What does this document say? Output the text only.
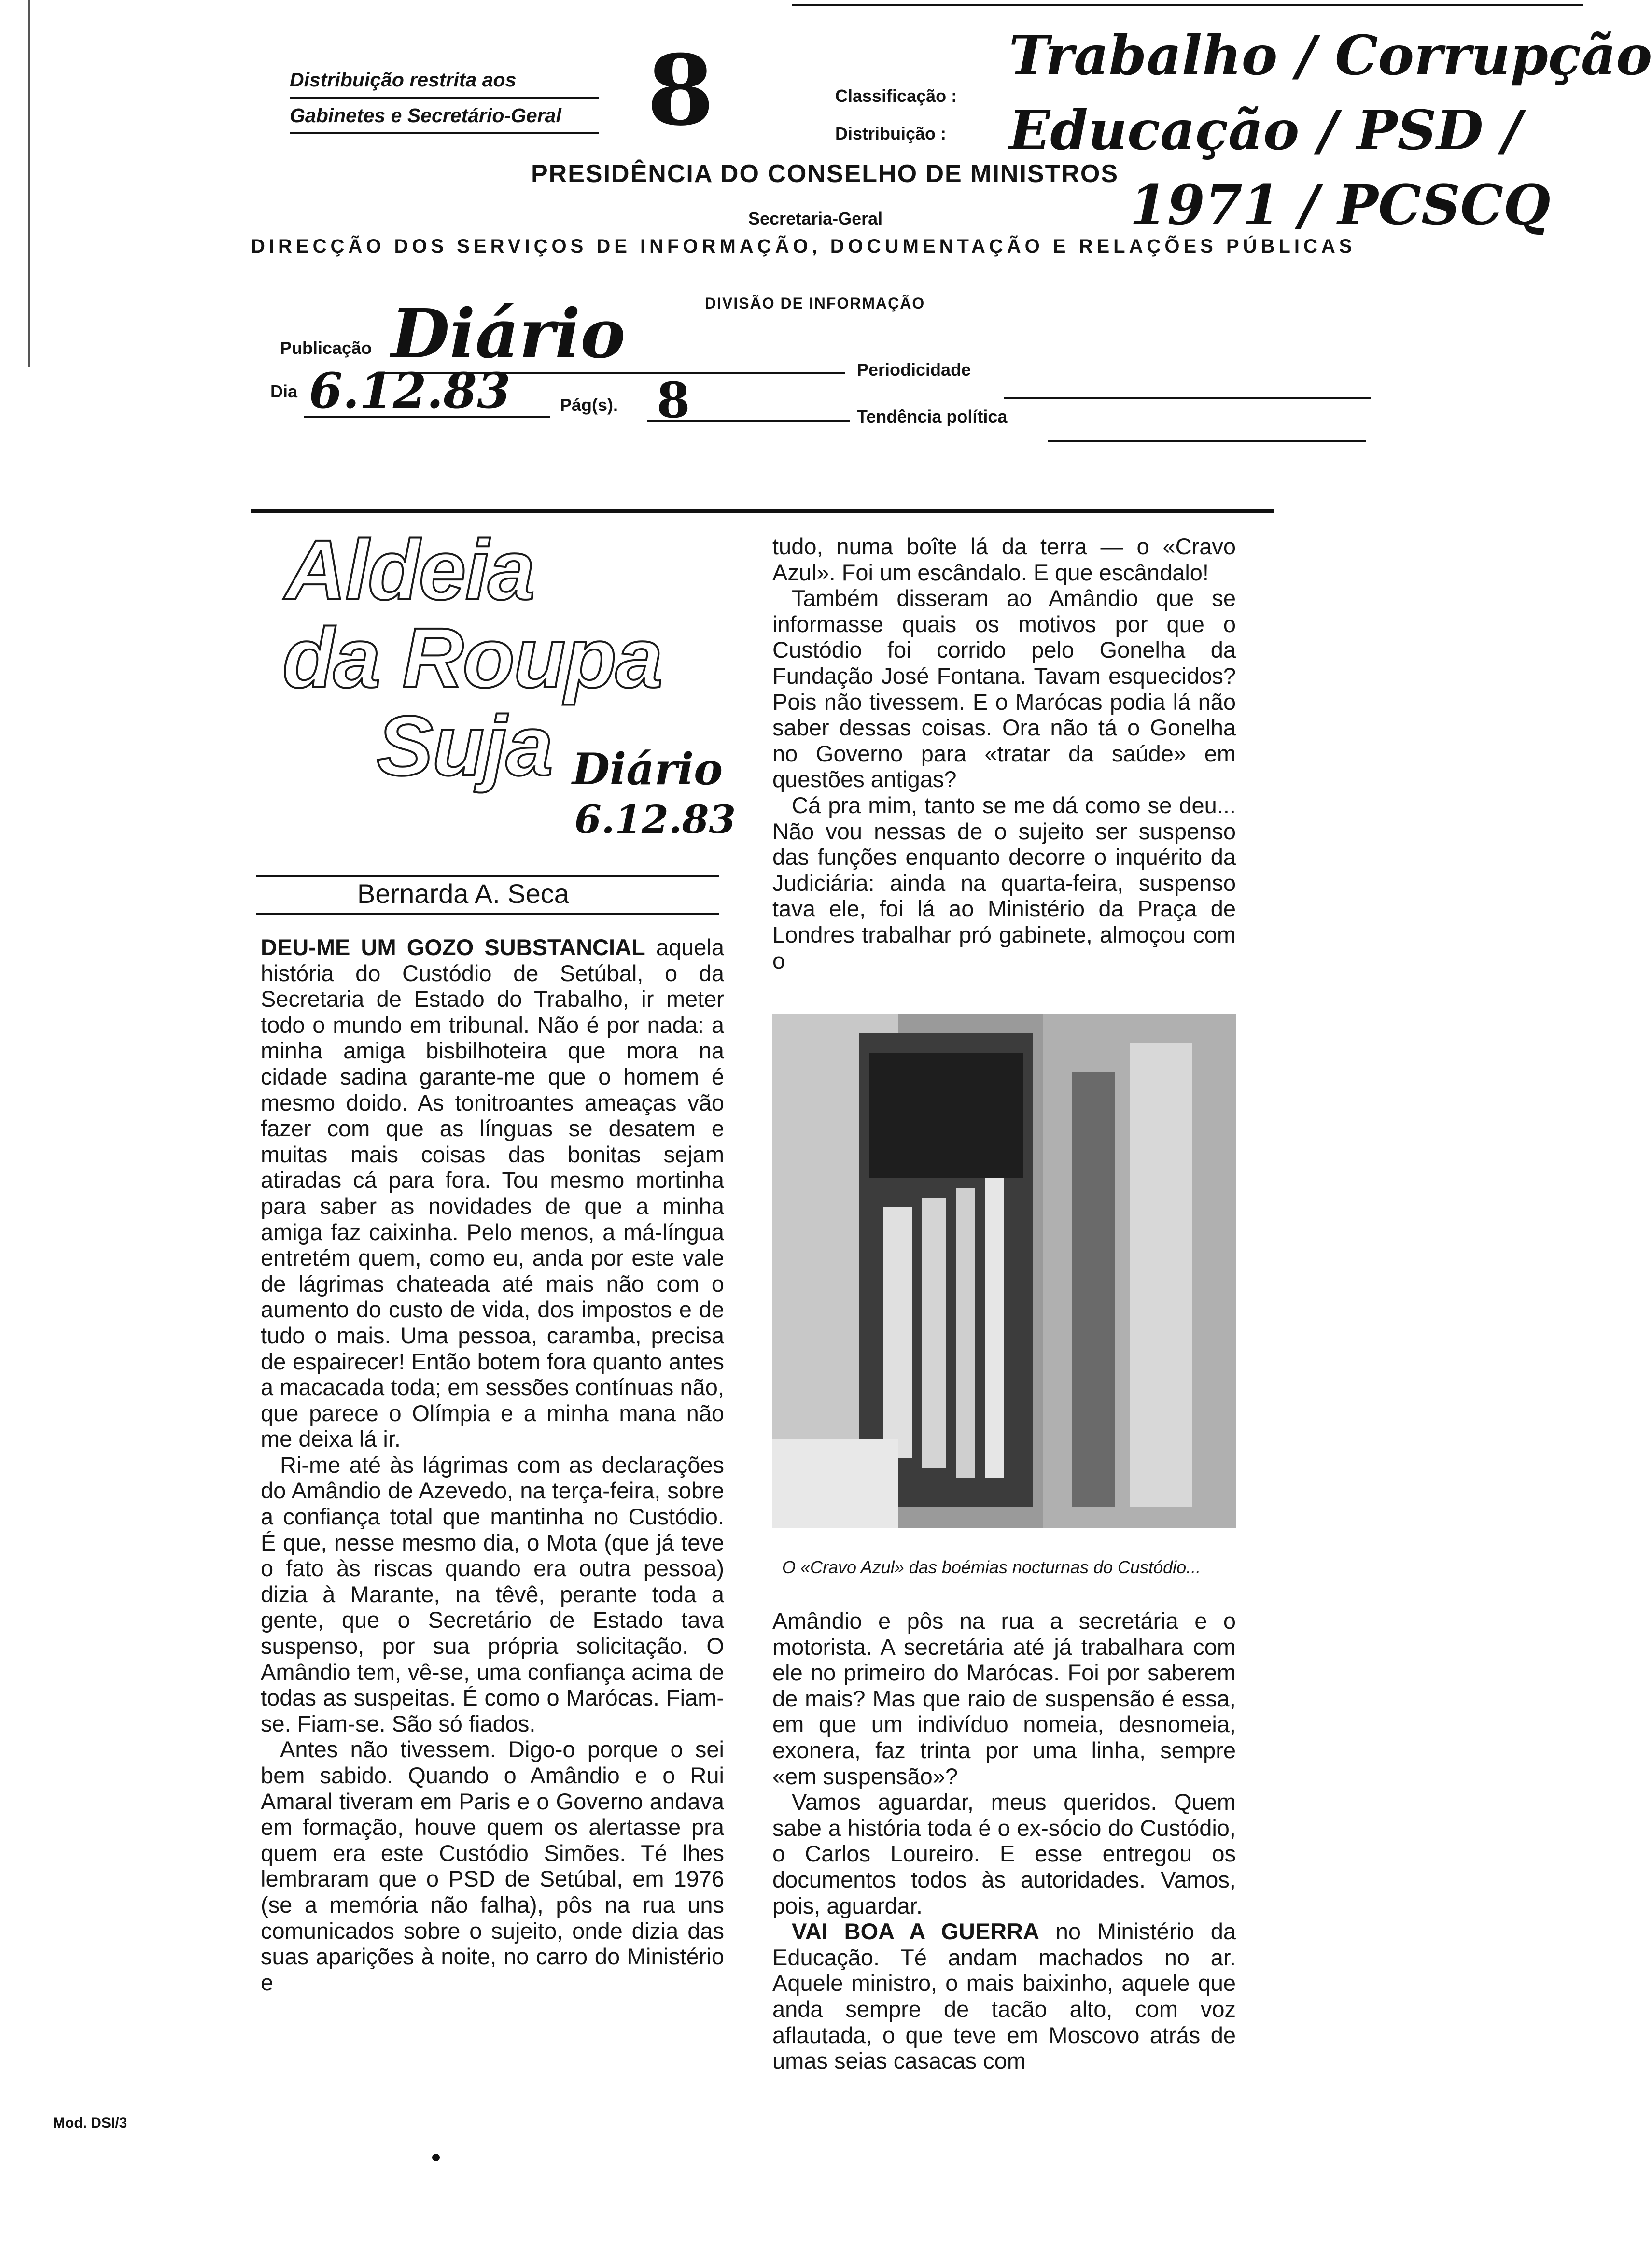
Distribuição restrita aos
Gabinetes e Secretário-Geral 8	Classificação :
Distribuição :
Trabalho / Corrupção
Educação / PSD /
1971 / PCSCQ
PRESIDÊNCIA DO CONSELHO DE MINISTROS
Secretaria-Geral
DIRECÇÃO DOS SERVIÇOS DE INFORMAÇÃO, DOCUMENTAÇÃO E RELAÇÕES PÚBLICAS
DIVISÃO DE INFORMAÇÃO
Publicação Diário	Periodicidade
Dia 6.12.83	Pág(s). 8	Tendência política
Aldeia
da Roupa
Suja Diário
6.12.83
Bernarda A. Seca

DEU-ME UM GOZO SUBSTANCIAL aquela história do Custódio de Setúbal, o da Secretaria de Estado do Trabalho, ir meter todo o mundo em tribunal. Não é por nada: a minha amiga bisbilhoteira que mora na cidade sadina garante-me que o homem é mesmo doido. As tonitroantes ameaças vão fazer com que as línguas se desatem e muitas mais coisas das bonitas sejam atiradas cá para fora. Tou mesmo mortinha para saber as novidades de que a minha amiga faz caixinha. Pelo menos, a má-língua entretém quem, como eu, anda por este vale de lágrimas chateada até mais não com o aumento do custo de vida, dos impostos e de tudo o mais. Uma pessoa, caramba, precisa de espairecer! Então botem fora quanto antes a macacada toda; em sessões contínuas não, que parece o Olímpia e a minha mana não me deixa lá ir.

Ri-me até às lágrimas com as declarações do Amândio de Azevedo, na terça-feira, sobre a confiança total que mantinha no Custódio. É que, nesse mesmo dia, o Mota (que já teve o fato às riscas quando era outra pessoa) dizia à Marante, na têvê, perante toda a gente, que o Secretário de Estado tava suspenso, por sua própria solicitação. O Amândio tem, vê-se, uma confiança acima de todas as suspeitas. É como o Marócas. Fiam-se. Fiam-se. São só fiados.

Antes não tivessem. Digo-o porque o sei bem sabido. Quando o Amândio e o Rui Amaral tiveram em Paris e o Governo andava em formação, houve quem os alertasse pra quem era este Custódio Simões. Té lhes lembraram que o PSD de Setúbal, em 1976 (se a memória não falha), pôs na rua uns comunicados sobre o sujeito, onde dizia das suas aparições à noite, no carro do Ministério e

tudo, numa boîte lá da terra — o «Cravo Azul». Foi um escândalo. E que escândalo!

Também disseram ao Amândio que se informasse quais os motivos por que o Custódio foi corrido pelo Gonelha da Fundação José Fontana. Tavam esquecidos? Pois não tivessem. E o Marócas podia lá não saber dessas coisas. Ora não tá o Gonelha no Governo para «tratar da saúde» em questões antigas?

Cá pra mim, tanto se me dá como se deu... Não vou nessas de o sujeito ser suspenso das funções enquanto decorre o inquérito da Judiciária: ainda na quarta-feira, suspenso tava ele, foi lá ao Ministério da Praça de Londres trabalhar pró gabinete, almoçou com o

O «Cravo Azul» das boémias nocturnas do Custódio...

Amândio e pôs na rua a secretária e o motorista. A secretária até já trabalhara com ele no primeiro do Marócas. Foi por saberem de mais? Mas que raio de suspensão é essa, em que um indivíduo nomeia, desnomeia, exonera, faz trinta por uma linha, sempre «em suspensão»?

Vamos aguardar, meus queridos. Quem sabe a história toda é o ex-sócio do Custódio, o Carlos Loureiro. E esse entregou os documentos todos às autoridades. Vamos, pois, aguardar.

VAI BOA A GUERRA no Ministério da Educação. Té andam machados no ar. Aquele ministro, o mais baixinho, aquele que anda sempre de tacão alto, com voz aflautada, o que teve em Moscovo atrás de umas seias casacas com

Mod. DSI/3
